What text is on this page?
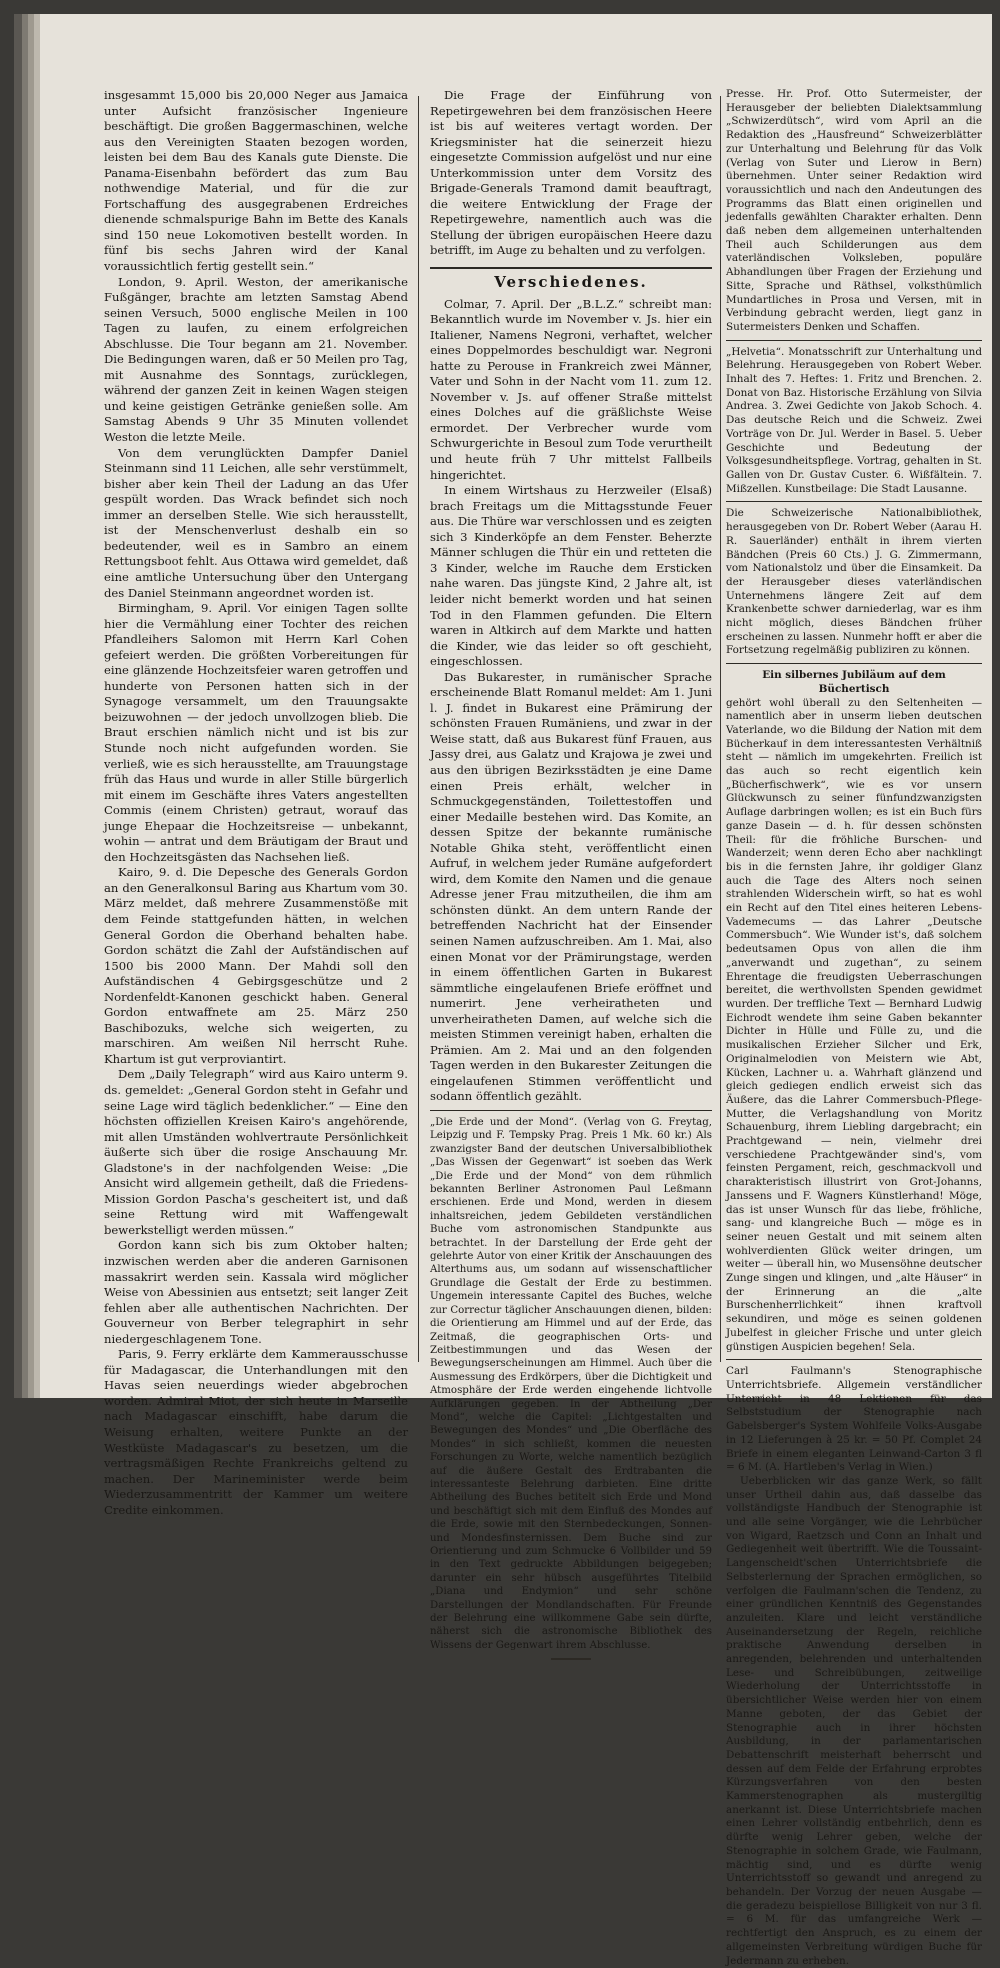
insgesammt 15,000 bis 20,000 Neger aus Jamaica unter Aufsicht französischer Ingenieure beschäftigt. Die großen Baggermaschinen, welche aus den Vereinigten Staaten bezogen worden, leisten bei dem Bau des Kanals gute Dienste. Die Panama-Eisenbahn befördert das zum Bau nothwendige Material, und für die zur Fortschaffung des ausgegrabenen Erdreiches dienende schmalspurige Bahn im Bette des Kanals sind 150 neue Lokomotiven bestellt worden. In fünf bis sechs Jahren wird der Kanal voraussichtlich fertig gestellt sein.“

London, 9. April. Weston, der amerikanische Fußgänger, brachte am letzten Samstag Abend seinen Versuch, 5000 englische Meilen in 100 Tagen zu laufen, zu einem erfolgreichen Abschlusse. Die Tour begann am 21. November. Die Bedingungen waren, daß er 50 Meilen pro Tag, mit Ausnahme des Sonntags, zurücklegen, während der ganzen Zeit in keinen Wagen steigen und keine geistigen Getränke genießen solle. Am Samstag Abends 9 Uhr 35 Minuten vollendet Weston die letzte Meile.

Von dem verunglückten Dampfer Daniel Steinmann sind 11 Leichen, alle sehr verstümmelt, bisher aber kein Theil der Ladung an das Ufer gespült worden. Das Wrack befindet sich noch immer an derselben Stelle. Wie sich herausstellt, ist der Menschenverlust deshalb ein so bedeutender, weil es in Sambro an einem Rettungsboot fehlt. Aus Ottawa wird gemeldet, daß eine amtliche Untersuchung über den Untergang des Daniel Steinmann angeordnet worden ist.

Birmingham, 9. April. Vor einigen Tagen sollte hier die Vermählung einer Tochter des reichen Pfandleihers Salomon mit Herrn Karl Cohen gefeiert werden. Die größten Vorbereitungen für eine glänzende Hochzeitsfeier waren getroffen und hunderte von Personen hatten sich in der Synagoge versammelt, um den Trauungsakte beizuwohnen — der jedoch unvollzogen blieb. Die Braut erschien nämlich nicht und ist bis zur Stunde noch nicht aufgefunden worden. Sie verließ, wie es sich herausstellte, am Trauungstage früh das Haus und wurde in aller Stille bürgerlich mit einem im Geschäfte ihres Vaters angestellten Commis (einem Christen) getraut, worauf das junge Ehepaar die Hochzeitsreise — unbekannt, wohin — antrat und dem Bräutigam der Braut und den Hochzeitsgästen das Nachsehen ließ.

Kairo, 9. d. Die Depesche des Generals Gordon an den Generalkonsul Baring aus Khartum vom 30. März meldet, daß mehrere Zusammenstöße mit dem Feinde stattgefunden hätten, in welchen General Gordon die Oberhand behalten habe. Gordon schätzt die Zahl der Aufständischen auf 1500 bis 2000 Mann. Der Mahdi soll den Aufständischen 4 Gebirgsgeschütze und 2 Nordenfeldt-Kanonen geschickt haben. General Gordon entwaffnete am 25. März 250 Baschibozuks, welche sich weigerten, zu marschiren. Am weißen Nil herrscht Ruhe. Khartum ist gut verproviantirt.

Dem „Daily Telegraph“ wird aus Kairo unterm 9. ds. gemeldet: „General Gordon steht in Gefahr und seine Lage wird täglich bedenklicher.“ — Eine den höchsten offiziellen Kreisen Kairo's angehörende, mit allen Umständen wohlvertraute Persönlichkeit äußerte sich über die rosige Anschauung Mr. Gladstone's in der nachfolgenden Weise: „Die Ansicht wird allgemein getheilt, daß die Friedens-Mission Gordon Pascha's gescheitert ist, und daß seine Rettung wird mit Waffengewalt bewerkstelligt werden müssen.“

Gordon kann sich bis zum Oktober halten; inzwischen werden aber die anderen Garnisonen massakrirt werden sein. Kassala wird möglicher Weise von Abessinien aus entsetzt; seit langer Zeit fehlen aber alle authentischen Nachrichten. Der Gouverneur von Berber telegraphirt in sehr niedergeschlagenem Tone.

Paris, 9. Ferry erklärte dem Kammerausschusse für Madagascar, die Unterhandlungen mit den Havas seien neuerdings wieder abgebrochen worden. Admiral Miot, der sich heute in Marseille nach Madagascar einschifft, habe darum die Weisung erhalten, weitere Punkte an der Westküste Madagascar's zu besetzen, um die vertragsmäßigen Rechte Frankreichs geltend zu machen. Der Marineminister werde beim Wiederzusammentritt der Kammer um weitere Credite einkommen.

Die Frage der Einführung von Repetirgewehren bei dem französischen Heere ist bis auf weiteres vertagt worden. Der Kriegsminister hat die seinerzeit hiezu eingesetzte Commission aufgelöst und nur eine Unterkommission unter dem Vorsitz des Brigade-Generals Tramond damit beauftragt, die weitere Entwicklung der Frage der Repetirgewehre, namentlich auch was die Stellung der übrigen europäischen Heere dazu betrifft, im Auge zu behalten und zu verfolgen.

Verschiedenes.

Colmar, 7. April. Der „B.L.Z.“ schreibt man: Bekanntlich wurde im November v. Js. hier ein Italiener, Namens Negroni, verhaftet, welcher eines Doppelmordes beschuldigt war. Negroni hatte zu Perouse in Frankreich zwei Männer, Vater und Sohn in der Nacht vom 11. zum 12. November v. Js. auf offener Straße mittelst eines Dolches auf die gräßlichste Weise ermordet. Der Verbrecher wurde vom Schwurgerichte in Besoul zum Tode verurtheilt und heute früh 7 Uhr mittelst Fallbeils hingerichtet.

In einem Wirtshaus zu Herzweiler (Elsaß) brach Freitags um die Mittagsstunde Feuer aus. Die Thüre war verschlossen und es zeigten sich 3 Kinderköpfe an dem Fenster. Beherzte Männer schlugen die Thür ein und retteten die 3 Kinder, welche im Rauche dem Ersticken nahe waren. Das jüngste Kind, 2 Jahre alt, ist leider nicht bemerkt worden und hat seinen Tod in den Flammen gefunden. Die Eltern waren in Altkirch auf dem Markte und hatten die Kinder, wie das leider so oft geschieht, eingeschlossen.

Das Bukarester, in rumänischer Sprache erscheinende Blatt Romanul meldet: Am 1. Juni l. J. findet in Bukarest eine Prämirung der schönsten Frauen Rumäniens, und zwar in der Weise statt, daß aus Bukarest fünf Frauen, aus Jassy drei, aus Galatz und Krajowa je zwei und aus den übrigen Bezirksstädten je eine Dame einen Preis erhält, welcher in Schmuckgegenständen, Toilettestoffen und einer Medaille bestehen wird. Das Komite, an dessen Spitze der bekannte rumänische Notable Ghika steht, veröffentlicht einen Aufruf, in welchem jeder Rumäne aufgefordert wird, dem Komite den Namen und die genaue Adresse jener Frau mitzutheilen, die ihm am schönsten dünkt. An dem untern Rande der betreffenden Nachricht hat der Einsender seinen Namen aufzuschreiben. Am 1. Mai, also einen Monat vor der Prämirungstage, werden in einem öffentlichen Garten in Bukarest sämmtliche eingelaufenen Briefe eröffnet und numerirt. Jene verheiratheten und unverheiratheten Damen, auf welche sich die meisten Stimmen vereinigt haben, erhalten die Prämien. Am 2. Mai und an den folgenden Tagen werden in den Bukarester Zeitungen die eingelaufenen Stimmen veröffentlicht und sodann öffentlich gezählt.

„Die Erde und der Mond“. (Verlag von G. Freytag, Leipzig und F. Tempsky Prag. Preis 1 Mk. 60 kr.) Als zwanzigster Band der deutschen Universalbibliothek „Das Wissen der Gegenwart“ ist soeben das Werk „Die Erde und der Mond“ von dem rühmlich bekannten Berliner Astronomen Paul Leßmann erschienen. Erde und Mond, werden in diesem inhaltsreichen, jedem Gebildeten verständlichen Buche vom astronomischen Standpunkte aus betrachtet. In der Darstellung der Erde geht der gelehrte Autor von einer Kritik der Anschauungen des Alterthums aus, um sodann auf wissenschaftlicher Grundlage die Gestalt der Erde zu bestimmen. Ungemein interessante Capitel des Buches, welche zur Correctur täglicher Anschauungen dienen, bilden: die Orientierung am Himmel und auf der Erde, das Zeitmaß, die geographischen Orts- und Zeitbestimmungen und das Wesen der Bewegungserscheinungen am Himmel. Auch über die Ausmessung des Erdkörpers, über die Dichtigkeit und Atmosphäre der Erde werden eingehende lichtvolle Aufklärungen gegeben. In der Abtheilung „Der Mond“, welche die Capitel: „Lichtgestalten und Bewegungen des Mondes“ und „Die Oberfläche des Mondes“ in sich schließt, kommen die neuesten Forschungen zu Worte, welche namentlich bezüglich auf die äußere Gestalt des Erdtrabanten die interessanteste Belehrung darbieten. Eine dritte Abtheilung des Buches betitelt sich Erde und Mond und beschäftigt sich mit dem Einfluß des Mondes auf die Erde, sowie mit den Sternbedeckungen, Sonnen- und Mondesfinsternissen. Dem Buche sind zur Orientierung und zum Schmucke 6 Vollbilder und 59 in den Text gedruckte Abbildungen beigegeben; darunter ein sehr hübsch ausgeführtes Titelbild „Diana und Endymion“ und sehr schöne Darstellungen der Mondlandschaften. Für Freunde der Belehrung eine willkommene Gabe sein dürfte, näherst sich die astronomische Bibliothek des Wissens der Gegenwart ihrem Abschlusse.

Presse. Hr. Prof. Otto Sutermeister, der Herausgeber der beliebten Dialektsammlung „Schwizerdütsch“, wird vom April an die Redaktion des „Hausfreund“ Schweizerblätter zur Unterhaltung und Belehrung für das Volk (Verlag von Suter und Lierow in Bern) übernehmen. Unter seiner Redaktion wird voraussichtlich und nach den Andeutungen des Programms das Blatt einen originellen und jedenfalls gewählten Charakter erhalten. Denn daß neben dem allgemeinen unterhaltenden Theil auch Schilderungen aus dem vaterländischen Volksleben, populäre Abhandlungen über Fragen der Erziehung und Sitte, Sprache und Räthsel, volksthümlich Mundartliches in Prosa und Versen, mit in Verbindung gebracht werden, liegt ganz in Sutermeisters Denken und Schaffen.

„Helvetia“. Monatsschrift zur Unterhaltung und Belehrung. Herausgegeben von Robert Weber. Inhalt des 7. Heftes: 1. Fritz und Brenchen. 2. Donat von Baz. Historische Erzählung von Silvia Andrea. 3. Zwei Gedichte von Jakob Schoch. 4. Das deutsche Reich und die Schweiz. Zwei Vorträge von Dr. Jul. Werder in Basel. 5. Ueber Geschichte und Bedeutung der Volksgesundheitspflege. Vortrag, gehalten in St. Gallen von Dr. Gustav Custer. 6. Wißfältein. 7. Mißzellen. Kunstbeilage: Die Stadt Lausanne.

Die Schweizerische Nationalbibliothek, herausgegeben von Dr. Robert Weber (Aarau H. R. Sauerländer) enthält in ihrem vierten Bändchen (Preis 60 Cts.) J. G. Zimmermann, vom Nationalstolz und über die Einsamkeit. Da der Herausgeber dieses vaterländischen Unternehmens längere Zeit auf dem Krankenbette schwer darniederlag, war es ihm nicht möglich, dieses Bändchen früher erscheinen zu lassen. Nunmehr hofft er aber die Fortsetzung regelmäßig publiziren zu können.

Ein silbernes Jubiläum auf dem Büchertisch

gehört wohl überall zu den Seltenheiten — namentlich aber in unserm lieben deutschen Vaterlande, wo die Bildung der Nation mit dem Bücherkauf in dem interessantesten Verhältniß steht — nämlich im umgekehrten. Freilich ist das auch so recht eigentlich kein „Bücherfischwerk“, wie es vor unsern Glückwunsch zu seiner fünfundzwanzigsten Auflage darbringen wollen; es ist ein Buch fürs ganze Dasein — d. h. für dessen schönsten Theil: für die fröhliche Burschen- und Wanderzeit; wenn deren Echo aber nachklingt bis in die fernsten Jahre, ihr goldiger Glanz auch die Tage des Alters noch seinen strahlenden Widerschein wirft, so hat es wohl ein Recht auf den Titel eines heiteren Lebens-Vademecums — das Lahrer „Deutsche Commersbuch“. Wie Wunder ist's, daß solchem bedeutsamen Opus von allen die ihm „anverwandt und zugethan“, zu seinem Ehrentage die freudigsten Ueberraschungen bereitet, die werthvollsten Spenden gewidmet wurden. Der treffliche Text — Bernhard Ludwig Eichrodt wendete ihm seine Gaben bekannter Dichter in Hülle und Fülle zu, und die musikalischen Erzieher Silcher und Erk, Originalmelodien von Meistern wie Abt, Kücken, Lachner u. a. Wahrhaft glänzend und gleich gediegen endlich erweist sich das Äußere, das die Lahrer Commersbuch-Pflege-Mutter, die Verlagshandlung von Moritz Schauenburg, ihrem Liebling dargebracht; ein Prachtgewand — nein, vielmehr drei verschiedene Prachtgewänder sind's, vom feinsten Pergament, reich, geschmackvoll und charakteristisch illustrirt von Grot-Johanns, Janssens und F. Wagners Künstlerhand! Möge, das ist unser Wunsch für das liebe, fröhliche, sang- und klangreiche Buch — möge es in seiner neuen Gestalt und mit seinem alten wohlverdienten Glück weiter dringen, um weiter — überall hin, wo Musensöhne deutscher Zunge singen und klingen, und „alte Häuser“ in der Erinnerung an die „alte Burschenherrlichkeit“ ihnen kraftvoll sekundiren, und möge es seinen goldenen Jubelfest in gleicher Frische und unter gleich günstigen Auspicien begehen! Sela.

Carl Faulmann's Stenographische Unterrichtsbriefe. Allgemein verständlicher Unterricht in 48 Lektionen für das Selbststudium der Stenographie nach Gabelsberger's System Wohlfeile Volks-Ausgabe in 12 Lieferungen à 25 kr. = 50 Pf. Complet 24 Briefe in einem eleganten Leinwand-Carton 3 fl = 6 M. (A. Hartleben's Verlag in Wien.)

Ueberblicken wir das ganze Werk, so fällt unser Urtheil dahin aus, daß dasselbe das vollständigste Handbuch der Stenographie ist und alle seine Vorgänger, wie die Lehrbücher von Wigard, Raetzsch und Conn an Inhalt und Gediegenheit weit übertrifft. Wie die Toussaint-Langenscheidt'schen Unterrichtsbriefe die Selbsterlernung der Sprachen ermöglichen, so verfolgen die Faulmann'schen die Tendenz, zu einer gründlichen Kenntniß des Gegenstandes anzuleiten. Klare und leicht verständliche Auseinandersetzung der Regeln, reichliche praktische Anwendung derselben in anregenden, belehrenden und unterhaltenden Lese- und Schreibübungen, zeitweilige Wiederholung der Unterrichtsstoffe in übersichtlicher Weise werden hier von einem Manne geboten, der das Gebiet der Stenographie auch in ihrer höchsten Ausbildung, in der parlamentarischen Debattenschrift meisterhaft beherrscht und dessen auf dem Felde der Erfahrung erprobtes Kürzungsverfahren von den besten Kammerstenographen als mustergiltig anerkannt ist. Diese Unterrichtsbriefe machen einen Lehrer vollständig entbehrlich, denn es dürfte wenig Lehrer geben, welche der Stenographie in solchem Grade, wie Faulmann, mächtig sind, und es dürfte wenig Unterrichtsstoff so gewandt und anregend zu behandeln. Der Vorzug der neuen Ausgabe — die geradezu beispiellose Billigkeit von nur 3 fl. = 6 M. für das umfangreiche Werk — rechtfertigt den Anspruch, es zu einem der allgemeinsten Verbreitung würdigen Buche für Jedermann zu erheben.
